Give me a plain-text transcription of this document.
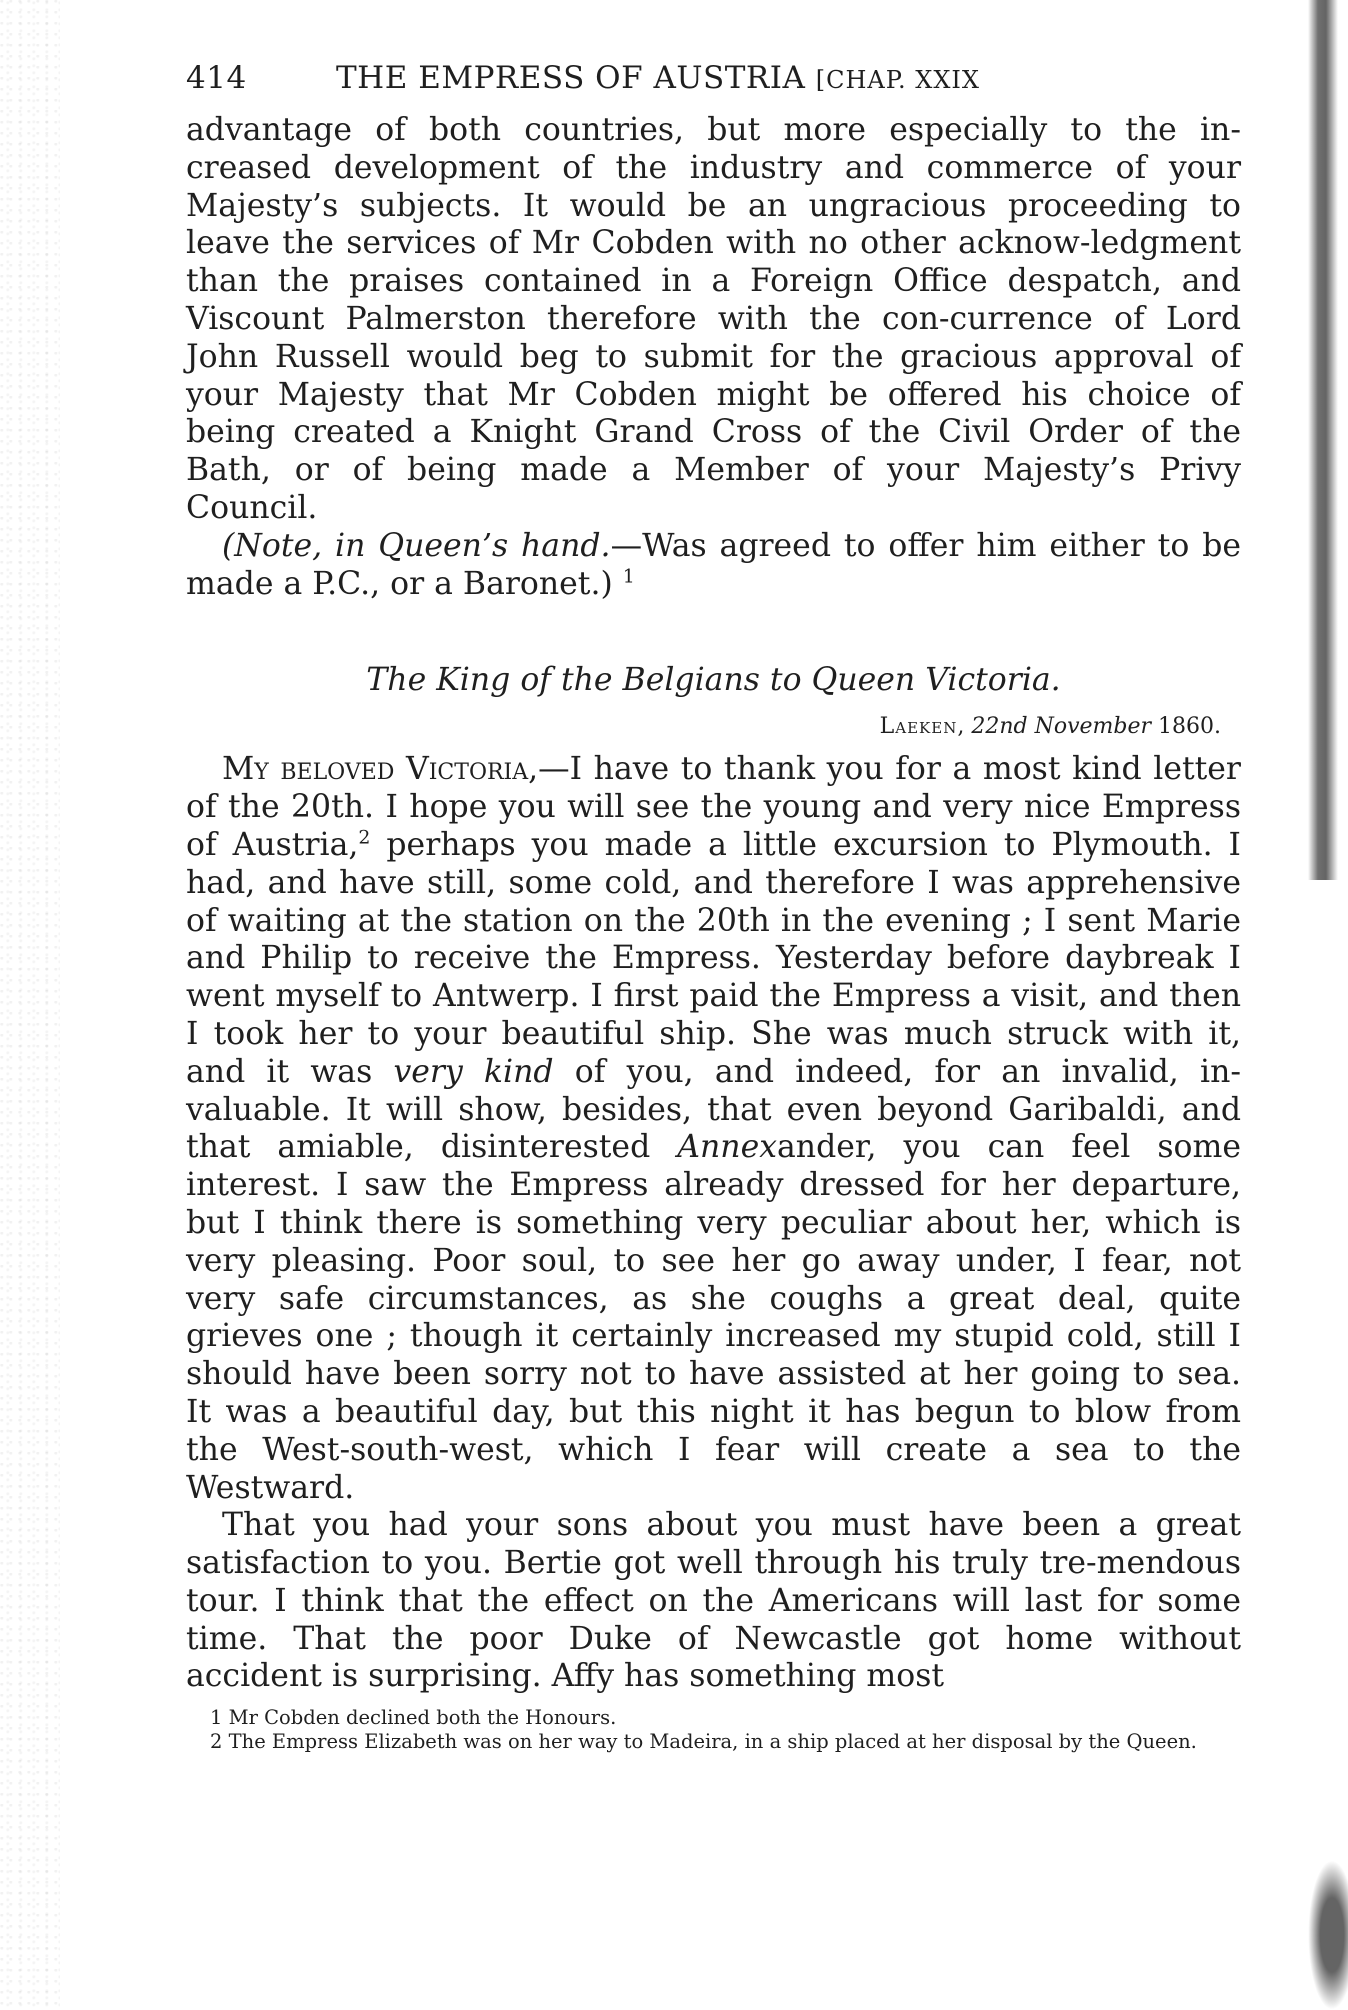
414	THE EMPRESS OF AUSTRIA [CHAP. XXIX

advantage of both countries, but more especially to the in-creased development of the industry and commerce of your Majesty’s subjects. It would be an ungracious proceeding to leave the services of Mr Cobden with no other acknow-ledgment than the praises contained in a Foreign Office despatch, and Viscount Palmerston therefore with the con-currence of Lord John Russell would beg to submit for the gracious approval of your Majesty that Mr Cobden might be offered his choice of being created a Knight Grand Cross of the Civil Order of the Bath, or of being made a Member of your Majesty’s Privy Council.

(Note, in Queen’s hand.—Was agreed to offer him either to be made a P.C., or a Baronet.) $^1$

The King of the Belgians to Queen Victoria.
Laeken, 22nd November 1860.

My beloved Victoria,—I have to thank you for a most kind letter of the 20th. I hope you will see the young and very nice Empress of Austria,$^2$ perhaps you made a little excursion to Plymouth. I had, and have still, some cold, and therefore I was apprehensive of waiting at the station on the 20th in the evening ; I sent Marie and Philip to receive the Empress. Yesterday before daybreak I went myself to Antwerp. I first paid the Empress a visit, and then I took her to your beautiful ship. She was much struck with it, and it was very kind of you, and indeed, for an invalid, in-valuable. It will show, besides, that even beyond Garibaldi, and that amiable, disinterested Annexander, you can feel some interest. I saw the Empress already dressed for her departure, but I think there is something very peculiar about her, which is very pleasing. Poor soul, to see her go away under, I fear, not very safe circumstances, as she coughs a great deal, quite grieves one ; though it certainly increased my stupid cold, still I should have been sorry not to have assisted at her going to sea. It was a beautiful day, but this night it has begun to blow from the West-south-west, which I fear will create a sea to the Westward.

That you had your sons about you must have been a great satisfaction to you. Bertie got well through his truly tre-mendous tour. I think that the effect on the Americans will last for some time. That the poor Duke of Newcastle got home without accident is surprising. Affy has something most

1 Mr Cobden declined both the Honours.

2 The Empress Elizabeth was on her way to Madeira, in a ship placed at her disposal by the Queen.
